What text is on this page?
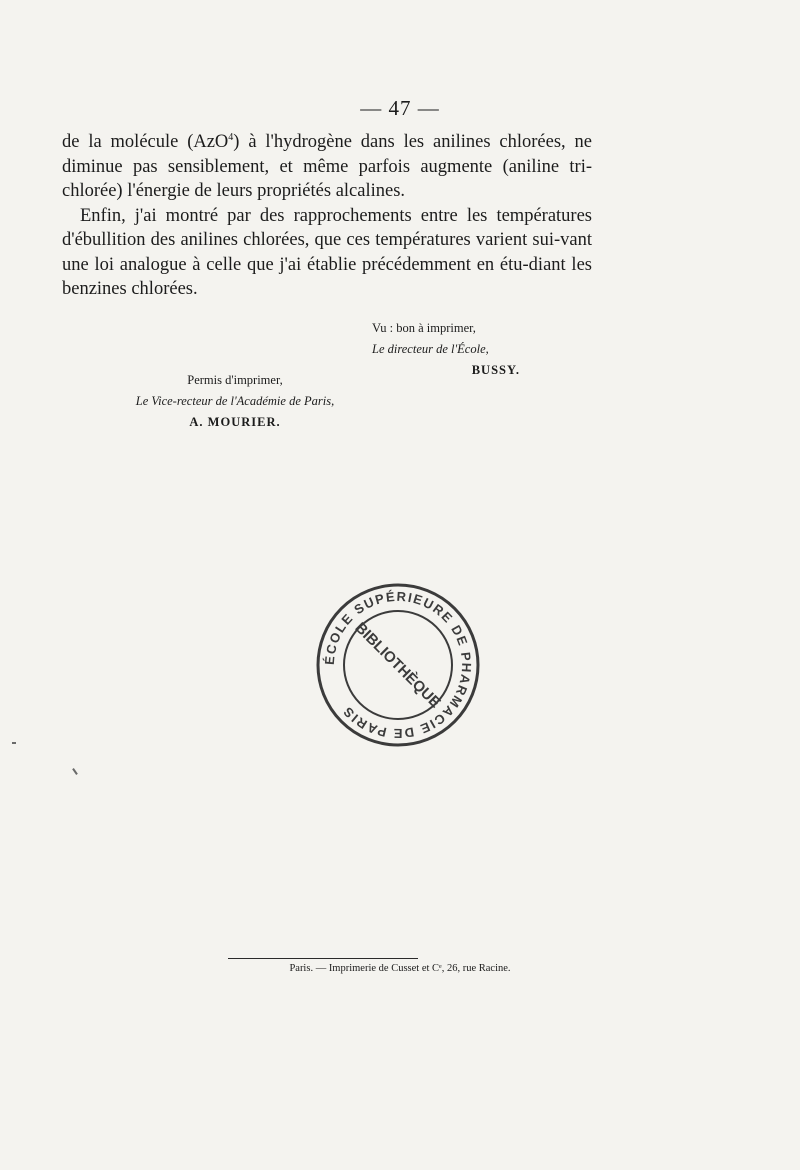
— 47 —

de la molécule (AzO$^4$) à l'hydrogène dans les anilines chlorées, ne diminue pas sensiblement, et même parfois augmente (aniline tri-chlorée) l'énergie de leurs propriétés alcalines.

Enfin, j'ai montré par des rapprochements entre les températures d'ébullition des anilines chlorées, que ces températures varient sui-vant une loi analogue à celle que j'ai établie précédemment en étu-diant les benzines chlorées.

Vu : bon à imprimer,
Le directeur de l'École,
BUSSY.
Permis d'imprimer,
Le Vice-recteur de l'Académie de Paris,
A. MOURIER.
ÉCOLE SUPÉRIEURE DE PHARMACIE DE PARIS
BIBLIOTHÈQUE
Paris. — Imprimerie de Cusset et Cᵉ, 26, rue Racine.
